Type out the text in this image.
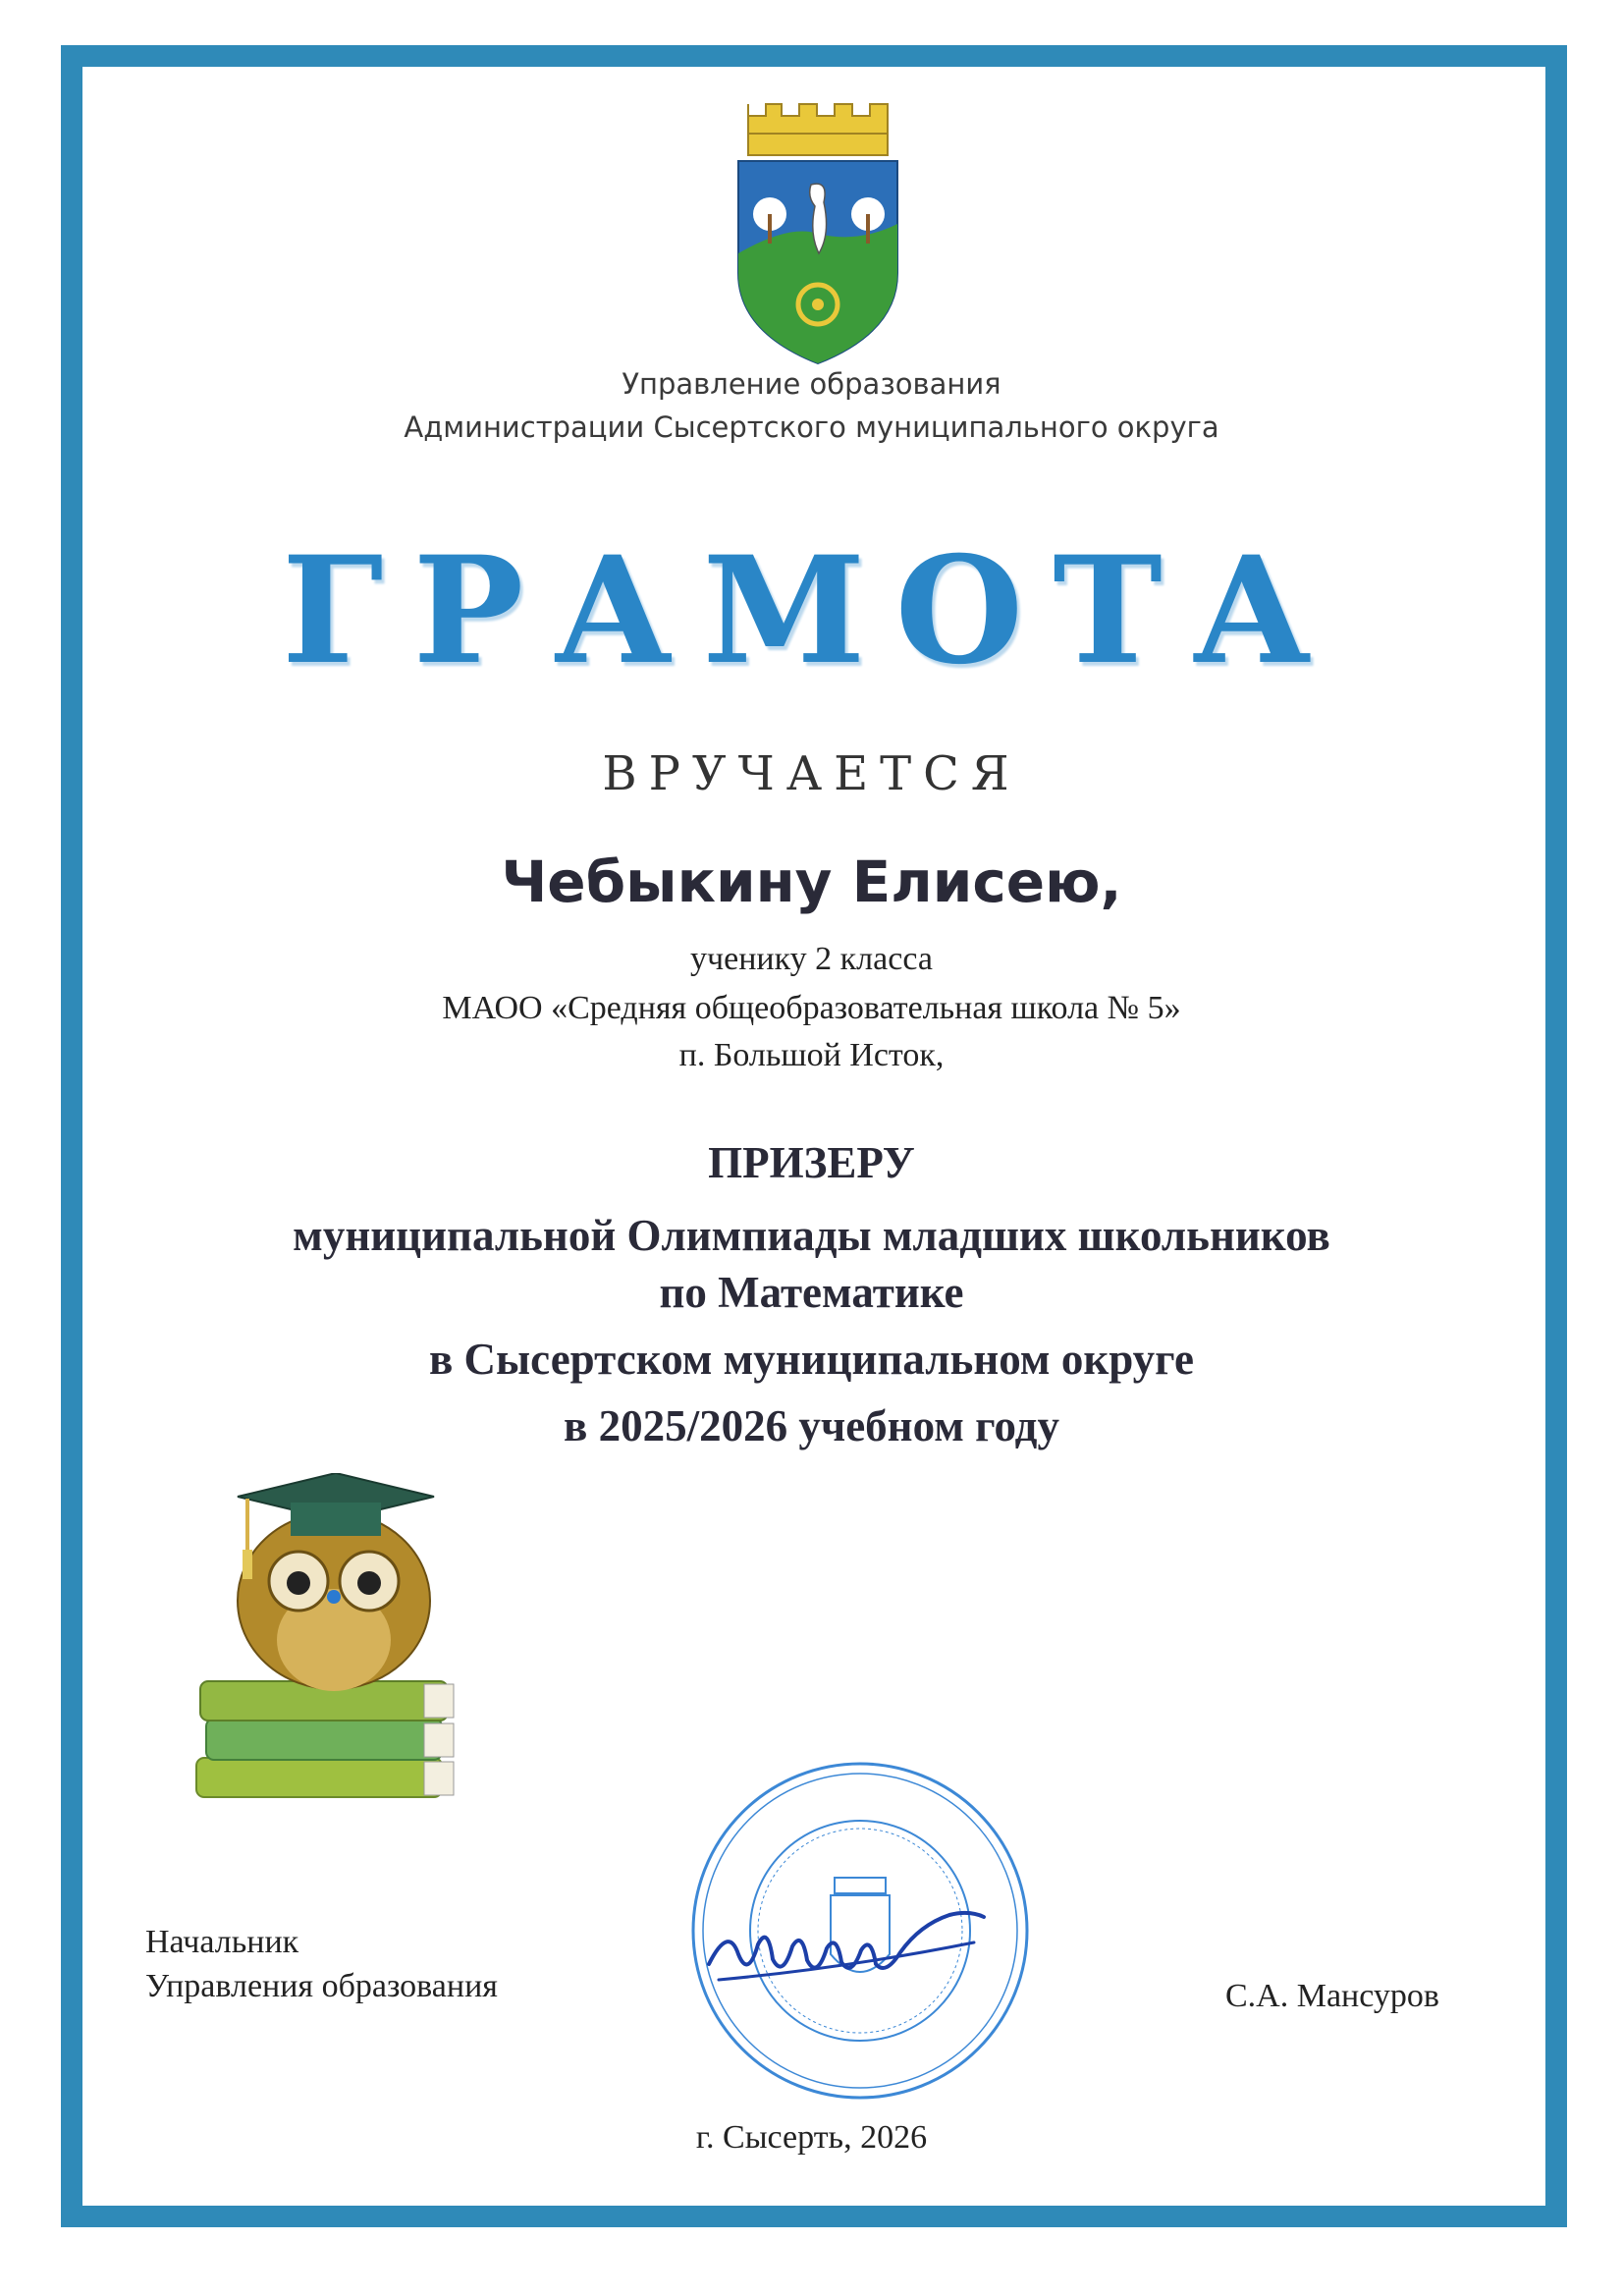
Управление образования
Администрации Сысертского муниципального округа
ГРАМОТА
ВРУЧАЕТСЯ
Чебыкину Елисею,
ученику 2 класса
МАОО «Средняя общеобразовательная школа № 5»
п. Большой Исток,
ПРИЗЕРУ
муниципальной Олимпиады младших школьников
по Математике
в Сысертском муниципальном округе
в 2025/2026 учебном году
Начальник
Управления образования	С.А. Мансуров
г. Сысерть, 2026
